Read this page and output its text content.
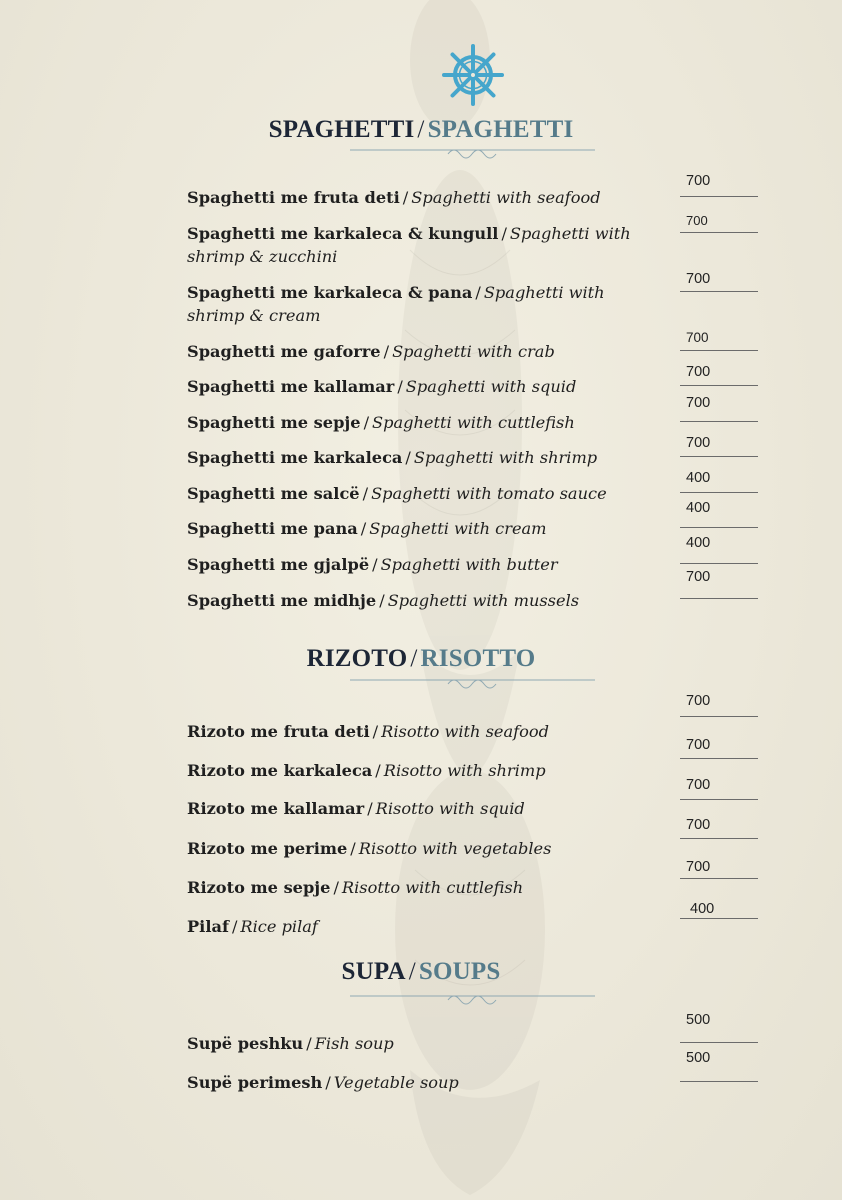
SPAGHETTI / SPAGHETTI
Spaghetti me fruta deti / Spaghetti with seafood
Spaghetti me karkaleca & kungull / Spaghetti with shrimp & zucchini
Spaghetti me karkaleca & pana / Spaghetti with shrimp & cream
Spaghetti me gaforre / Spaghetti with crab
Spaghetti me kallamar / Spaghetti with squid
Spaghetti me sepje / Spaghetti with cuttlefish
Spaghetti me karkaleca / Spaghetti with shrimp
Spaghetti me salcë / Spaghetti with tomato sauce
Spaghetti me pana / Spaghetti with cream
Spaghetti me gjalpë / Spaghetti with butter
Spaghetti me midhje / Spaghetti with mussels
700
700
700
700
700
700
700
400
400
400
700
RIZOTO / RISOTTO
Rizoto me fruta deti / Risotto with seafood
Rizoto me karkaleca / Risotto with shrimp
Rizoto me kallamar / Risotto with squid
Rizoto me perime / Risotto with vegetables
Rizoto me sepje / Risotto with cuttlefish
Pilaf / Rice pilaf
700
700
700
700
700
400
SUPA / SOUPS
Supë peshku / Fish soup
Supë perimesh / Vegetable soup
500
500
